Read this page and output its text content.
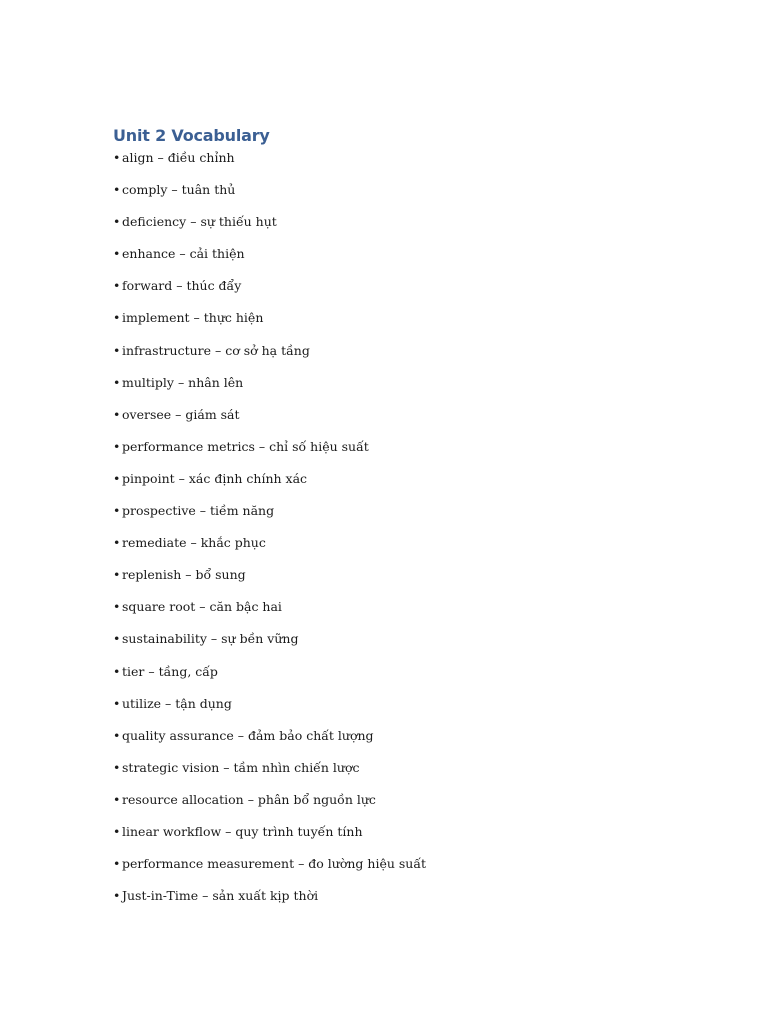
Unit 2 Vocabulary
• align – điều chỉnh
• comply – tuân thủ
• deficiency – sự thiếu hụt
• enhance – cải thiện
• forward – thúc đẩy
• implement – thực hiện
• infrastructure – cơ sở hạ tầng
• multiply – nhân lên
• oversee – giám sát
• performance metrics – chỉ số hiệu suất
• pinpoint – xác định chính xác
• prospective – tiềm năng
• remediate – khắc phục
• replenish – bổ sung
• square root – căn bậc hai
• sustainability – sự bền vững
• tier – tầng, cấp
• utilize – tận dụng
• quality assurance – đảm bảo chất lượng
• strategic vision – tầm nhìn chiến lược
• resource allocation – phân bổ nguồn lực
• linear workflow – quy trình tuyến tính
• performance measurement – đo lường hiệu suất
• Just-in-Time – sản xuất kịp thời
